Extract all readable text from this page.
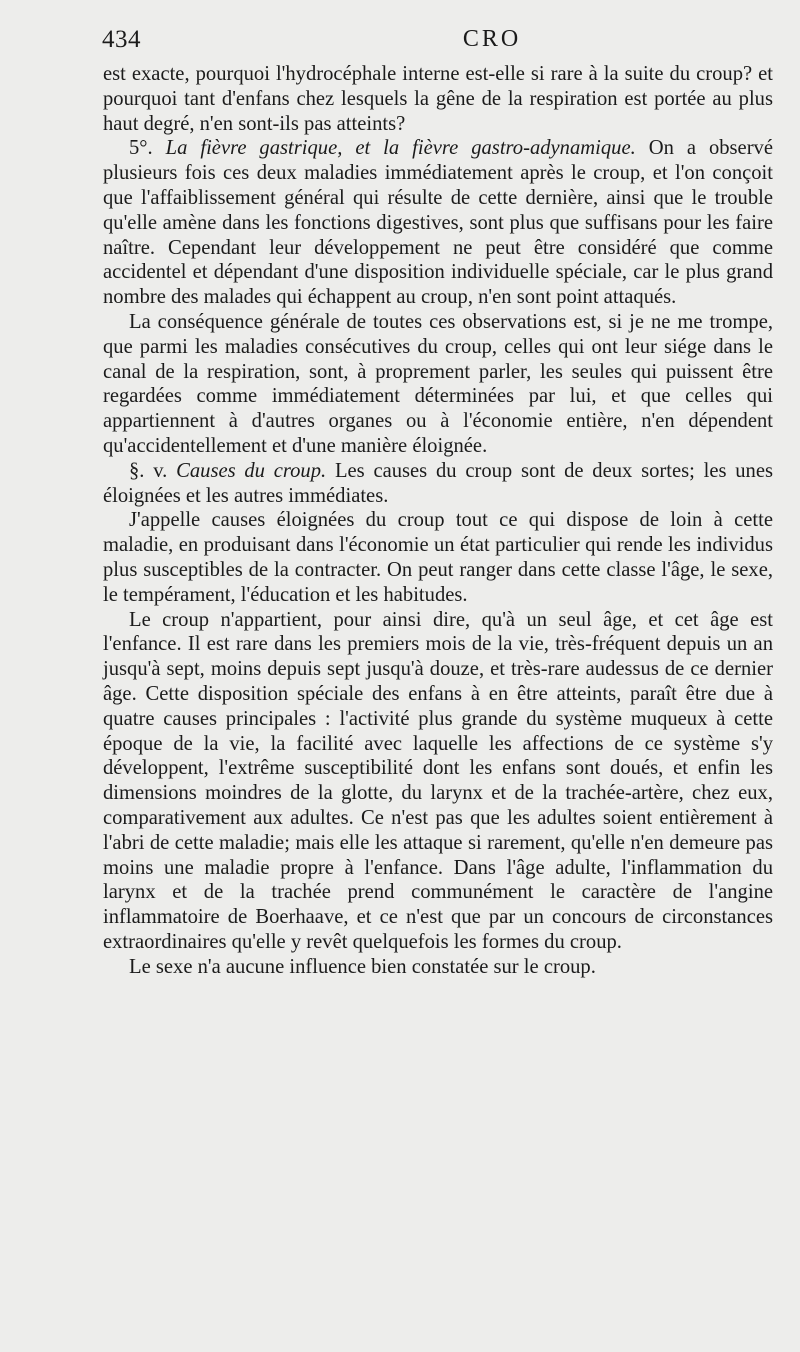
434	CRO

est exacte, pourquoi l'hydrocéphale interne est-elle si rare à la suite du croup? et pourquoi tant d'enfans chez lesquels la gêne de la respiration est portée au plus haut degré, n'en sont-ils pas atteints?

5°. La fièvre gastrique, et la fièvre gastro-adynamique. On a observé plusieurs fois ces deux maladies immédiatement après le croup, et l'on conçoit que l'affaiblissement général qui résulte de cette dernière, ainsi que le trouble qu'elle amène dans les fonctions digestives, sont plus que suffisans pour les faire naître. Cependant leur développement ne peut être considéré que comme accidentel et dépendant d'une disposition individuelle spéciale, car le plus grand nombre des malades qui échappent au croup, n'en sont point attaqués.

La conséquence générale de toutes ces observations est, si je ne me trompe, que parmi les maladies consécutives du croup, celles qui ont leur siége dans le canal de la respiration, sont, à proprement parler, les seules qui puissent être regardées comme immédiatement déterminées par lui, et que celles qui appartiennent à d'autres organes ou à l'économie entière, n'en dépendent qu'accidentellement et d'une manière éloignée.

§. v. Causes du croup. Les causes du croup sont de deux sortes; les unes éloignées et les autres immédiates.

J'appelle causes éloignées du croup tout ce qui dispose de loin à cette maladie, en produisant dans l'économie un état particulier qui rende les individus plus susceptibles de la contracter. On peut ranger dans cette classe l'âge, le sexe, le tempérament, l'éducation et les habitudes.

Le croup n'appartient, pour ainsi dire, qu'à un seul âge, et cet âge est l'enfance. Il est rare dans les premiers mois de la vie, très-fréquent depuis un an jusqu'à sept, moins depuis sept jusqu'à douze, et très-rare audessus de ce dernier âge. Cette disposition spéciale des enfans à en être atteints, paraît être due à quatre causes principales : l'activité plus grande du système muqueux à cette époque de la vie, la facilité avec laquelle les affections de ce système s'y développent, l'extrême susceptibilité dont les enfans sont doués, et enfin les dimensions moindres de la glotte, du larynx et de la trachée-artère, chez eux, comparativement aux adultes. Ce n'est pas que les adultes soient entièrement à l'abri de cette maladie; mais elle les attaque si rarement, qu'elle n'en demeure pas moins une maladie propre à l'enfance. Dans l'âge adulte, l'inflammation du larynx et de la trachée prend communément le caractère de l'angine inflammatoire de Boerhaave, et ce n'est que par un concours de circonstances extraordinaires qu'elle y revêt quelquefois les formes du croup.

Le sexe n'a aucune influence bien constatée sur le croup.
